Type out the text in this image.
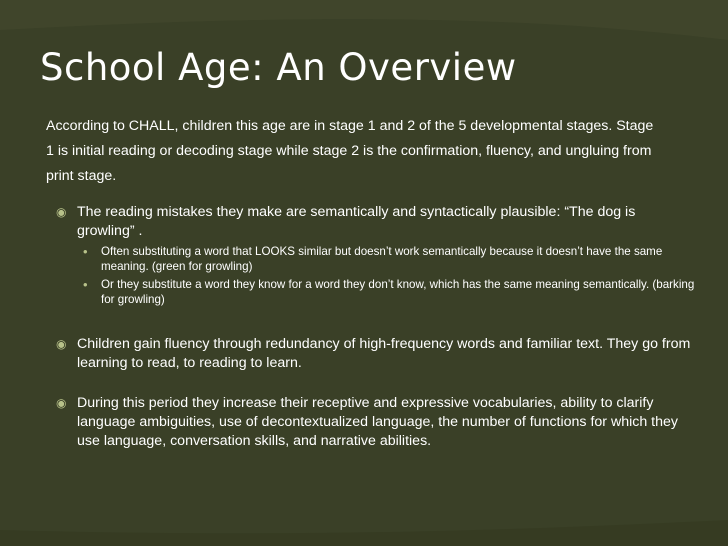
School Age: An Overview
According to CHALL, children this age are in stage 1 and 2 of the 5 developmental stages. Stage 1 is initial reading or decoding stage while stage 2 is the confirmation, fluency, and ungluing from print stage.
◉ The reading mistakes they make are semantically and syntactically plausible: “The dog is growling” .
• Often substituting a word that LOOKS similar but doesn’t work semantically because it doesn’t have the same meaning. (green for growling)
• Or they substitute a word they know for a word they don’t know, which has the same meaning semantically. (barking for growling)
◉ Children gain fluency through redundancy of high-frequency words and familiar text. They go from learning to read, to reading to learn.
◉ During this period they increase their receptive and expressive vocabularies, ability to clarify language ambiguities, use of decontextualized language, the number of functions for which they use language, conversation skills, and narrative abilities.
